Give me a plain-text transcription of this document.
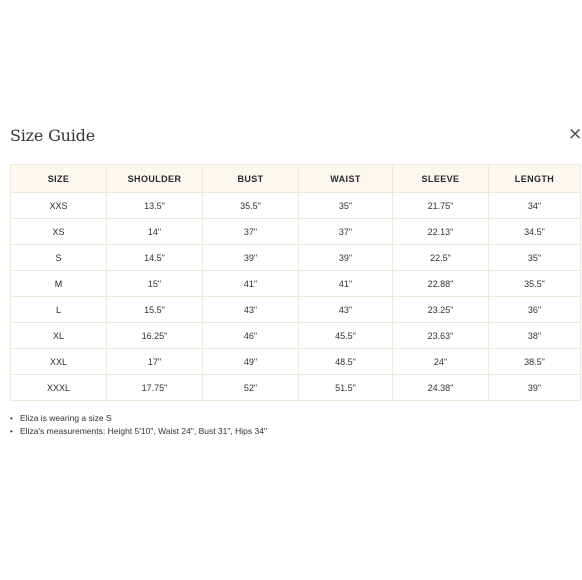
Size Guide	×
SIZE	SHOULDER	BUST	WAIST	SLEEVE	LENGTH
XXS	13.5"	35.5"	35"	21.75"	34"
XS	14"	37"	37"	22.13"	34.5"
S	14.5"	39"	39"	22.5"	35"
M	15"	41"	41"	22.88"	35.5"
L	15.5"	43"	43"	23.25"	36"
XL	16.25"	46"	45.5"	23.63"	38"
XXL	17"	49"	48.5"	24"	38.5"
XXXL	17.75"	52"	51.5"	24.38"	39"
• Eliza is wearing a size S
• Eliza's measurements: Height 5'10", Waist 24", Bust 31", Hips 34"
